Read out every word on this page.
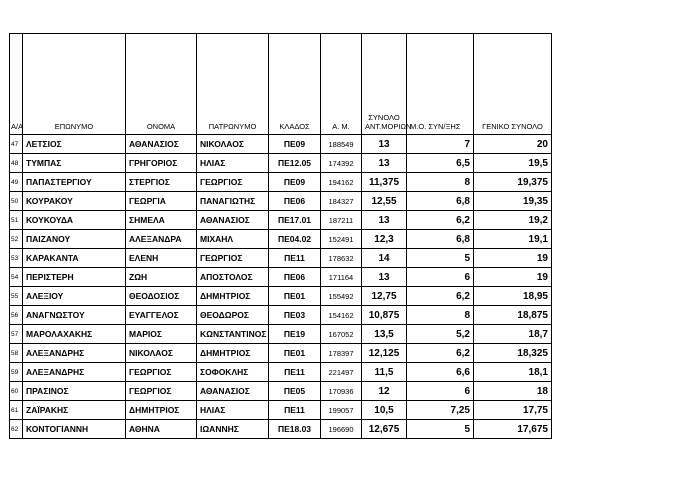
Α/Α	ΕΠΩΝΥΜΟ	ΟΝΟΜΑ	ΠΑΤΡΩΝΥΜΟ	ΚΛΑΔΟΣ	Α. Μ.	ΣΥΝΟΛΟ
ΑΝΤ.ΜΟΡΙΩΝ	Μ.Ο. ΣΥΝ/ΞΗΣ	ΓΕΝΙΚΟ ΣΥΝΟΛΟ
47	ΛΕΤΣΙΟΣ	ΑΘΑΝΑΣΙΟΣ	ΝΙΚΟΛΑΟΣ	ΠΕ09	188549	13	7	20
48	ΤΥΜΠΑΣ	ΓΡΗΓΟΡΙΟΣ	ΗΛΙΑΣ	ΠΕ12.05	174392	13	6,5	19,5
49	ΠΑΠΑΣΤΕΡΓΙΟΥ	ΣΤΕΡΓΙΟΣ	ΓΕΩΡΓΙΟΣ	ΠΕ09	194162	11,375	8	19,375
50	ΚΟΥΡΑΚΟΥ	ΓΕΩΡΓΙΑ	ΠΑΝΑΓΙΩΤΗΣ	ΠΕ06	184327	12,55	6,8	19,35
51	ΚΟΥΚΟΥΔΑ	ΣΗΜΕΛΑ	ΑΘΑΝΑΣΙΟΣ	ΠΕ17.01	187211	13	6,2	19,2
52	ΠΑΙΖΑΝΟΥ	ΑΛΕΞΑΝΔΡΑ	ΜΙΧΑΗΛ	ΠΕ04.02	152491	12,3	6,8	19,1
53	ΚΑΡΑΚΑΝΤΑ	ΕΛΕΝΗ	ΓΕΩΡΓΙΟΣ	ΠΕ11	178632	14	5	19
54	ΠΕΡΙΣΤΕΡΗ	ΖΩΗ	ΑΠΟΣΤΟΛΟΣ	ΠΕ06	171164	13	6	19
55	ΑΛΕΞΙΟΥ	ΘΕΟΔΟΣΙΟΣ	ΔΗΜΗΤΡΙΟΣ	ΠΕ01	155492	12,75	6,2	18,95
56	ΑΝΑΓΝΩΣΤΟΥ	ΕΥΑΓΓΕΛΟΣ	ΘΕΟΔΩΡΟΣ	ΠΕ03	154162	10,875	8	18,875
57	ΜΑΡΟΛΑΧΑΚΗΣ	ΜΑΡΙΟΣ	ΚΩΝΣΤΑΝΤΙΝΟΣ	ΠΕ19	167052	13,5	5,2	18,7
58	ΑΛΕΞΑΝΔΡΗΣ	ΝΙΚΟΛΑΟΣ	ΔΗΜΗΤΡΙΟΣ	ΠΕ01	178397	12,125	6,2	18,325
59	ΑΛΕΞΑΝΔΡΗΣ	ΓΕΩΡΓΙΟΣ	ΣΟΦΟΚΛΗΣ	ΠΕ11	221497	11,5	6,6	18,1
60	ΠΡΑΣΙΝΟΣ	ΓΕΩΡΓΙΟΣ	ΑΘΑΝΑΣΙΟΣ	ΠΕ05	170936	12	6	18
61	ΖΑΪΡΑΚΗΣ	ΔΗΜΗΤΡΙΟΣ	ΗΛΙΑΣ	ΠΕ11	199057	10,5	7,25	17,75
62	ΚΟΝΤΟΓΙΑΝΝΗ	ΑΘΗΝΑ	ΙΩΑΝΝΗΣ	ΠΕ18.03	196690	12,675	5	17,675
